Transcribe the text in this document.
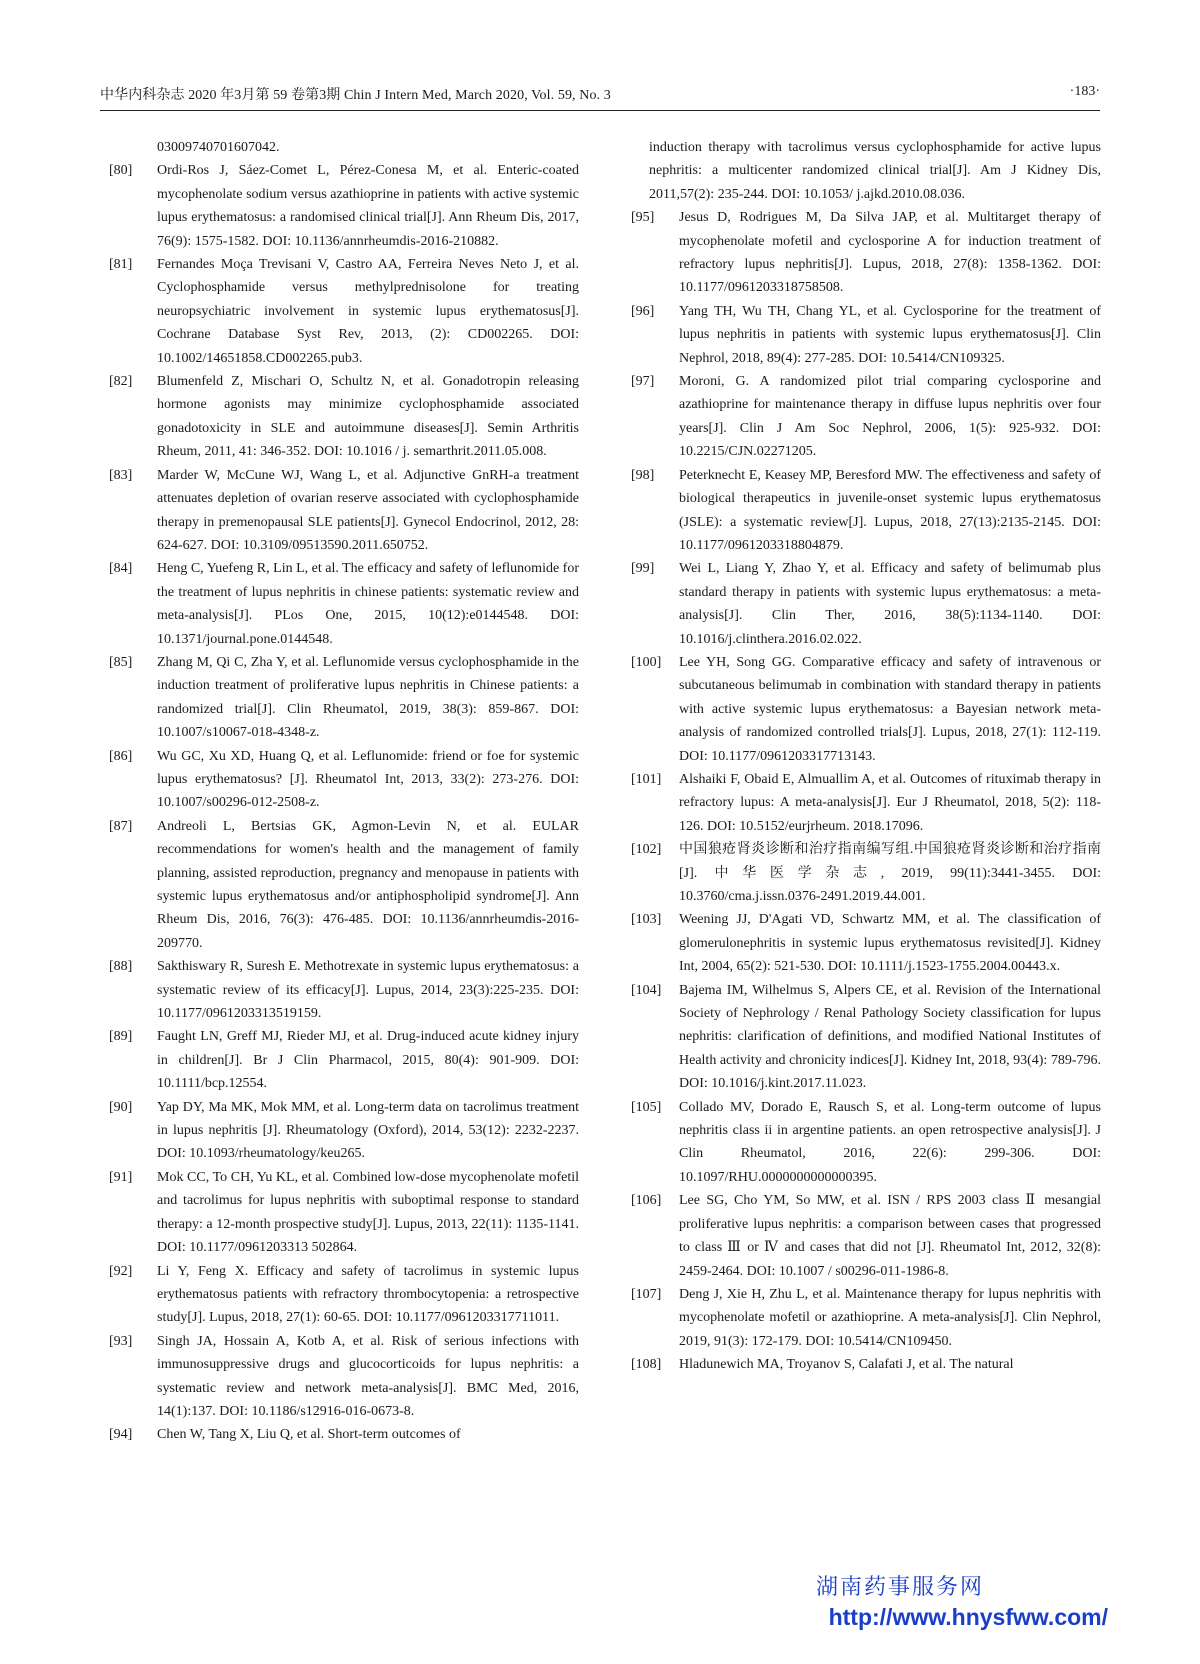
中华内科杂志 2020 年3月第 59 卷第3期 Chin J Intern Med, March 2020, Vol. 59, No. 3	·183·
03009740701607042.
[80]	Ordi-Ros J, Sáez-Comet L, Pérez-Conesa M, et al. Enteric-coated mycophenolate sodium versus azathioprine in patients with active systemic lupus erythematosus: a randomised clinical trial[J]. Ann Rheum Dis, 2017, 76(9): 1575-1582. DOI: 10.1136/annrheumdis-2016-210882.
[81]	Fernandes Moça Trevisani V, Castro AA, Ferreira Neves Neto J, et al. Cyclophosphamide versus methylprednisolone for treating neuropsychiatric involvement in systemic lupus erythematosus[J]. Cochrane Database Syst Rev, 2013, (2): CD002265. DOI: 10.1002/14651858.CD002265.pub3.
[82]	Blumenfeld Z, Mischari O, Schultz N, et al. Gonadotropin releasing hormone agonists may minimize cyclophosphamide associated gonadotoxicity in SLE and autoimmune diseases[J]. Semin Arthritis Rheum, 2011, 41: 346-352. DOI: 10.1016 / j. semarthrit.2011.05.008.
[83]	Marder W, McCune WJ, Wang L, et al. Adjunctive GnRH-a treatment attenuates depletion of ovarian reserve associated with cyclophosphamide therapy in premenopausal SLE patients[J]. Gynecol Endocrinol, 2012, 28: 624-627. DOI: 10.3109/09513590.2011.650752.
[84]	Heng C, Yuefeng R, Lin L, et al. The efficacy and safety of leflunomide for the treatment of lupus nephritis in chinese patients: systematic review and meta-analysis[J]. PLos One, 2015, 10(12):e0144548. DOI: 10.1371/journal.pone.0144548.
[85]	Zhang M, Qi C, Zha Y, et al. Leflunomide versus cyclophosphamide in the induction treatment of proliferative lupus nephritis in Chinese patients: a randomized trial[J]. Clin Rheumatol, 2019, 38(3): 859-867. DOI: 10.1007/s10067-018-4348-z.
[86]	Wu GC, Xu XD, Huang Q, et al. Leflunomide: friend or foe for systemic lupus erythematosus? [J]. Rheumatol Int, 2013, 33(2): 273-276. DOI: 10.1007/s00296-012-2508-z.
[87]	Andreoli L, Bertsias GK, Agmon-Levin N, et al. EULAR recommendations for women's health and the management of family planning, assisted reproduction, pregnancy and menopause in patients with systemic lupus erythematosus and/or antiphospholipid syndrome[J]. Ann Rheum Dis, 2016, 76(3): 476-485. DOI: 10.1136/annrheumdis-2016-209770.
[88]	Sakthiswary R, Suresh E. Methotrexate in systemic lupus erythematosus: a systematic review of its efficacy[J]. Lupus, 2014, 23(3):225-235. DOI: 10.1177/0961203313519159.
[89]	Faught LN, Greff MJ, Rieder MJ, et al. Drug-induced acute kidney injury in children[J]. Br J Clin Pharmacol, 2015, 80(4): 901-909. DOI: 10.1111/bcp.12554.
[90]	Yap DY, Ma MK, Mok MM, et al. Long-term data on tacrolimus treatment in lupus nephritis [J]. Rheumatology (Oxford), 2014, 53(12): 2232-2237. DOI: 10.1093/rheumatology/keu265.
[91]	Mok CC, To CH, Yu KL, et al. Combined low-dose mycophenolate mofetil and tacrolimus for lupus nephritis with suboptimal response to standard therapy: a 12-month prospective study[J]. Lupus, 2013, 22(11): 1135-1141. DOI: 10.1177/0961203313 502864.
[92]	Li Y, Feng X. Efficacy and safety of tacrolimus in systemic lupus erythematosus patients with refractory thrombocytopenia: a retrospective study[J]. Lupus, 2018, 27(1): 60-65. DOI: 10.1177/0961203317711011.
[93]	Singh JA, Hossain A, Kotb A, et al. Risk of serious infections with immunosuppressive drugs and glucocorticoids for lupus nephritis: a systematic review and network meta-analysis[J]. BMC Med, 2016, 14(1):137. DOI: 10.1186/s12916-016-0673-8.
[94]	Chen W, Tang X, Liu Q, et al. Short-term outcomes of
induction therapy with tacrolimus versus cyclophosphamide for active lupus nephritis: a multicenter randomized clinical trial[J]. Am J Kidney Dis, 2011,57(2): 235-244. DOI: 10.1053/ j.ajkd.2010.08.036.
[95]	Jesus D, Rodrigues M, Da Silva JAP, et al. Multitarget therapy of mycophenolate mofetil and cyclosporine A for induction treatment of refractory lupus nephritis[J]. Lupus, 2018, 27(8): 1358-1362. DOI: 10.1177/0961203318758508.
[96]	Yang TH, Wu TH, Chang YL, et al. Cyclosporine for the treatment of lupus nephritis in patients with systemic lupus erythematosus[J]. Clin Nephrol, 2018, 89(4): 277-285. DOI: 10.5414/CN109325.
[97]	Moroni, G. A randomized pilot trial comparing cyclosporine and azathioprine for maintenance therapy in diffuse lupus nephritis over four years[J]. Clin J Am Soc Nephrol, 2006, 1(5): 925-932. DOI: 10.2215/CJN.02271205.
[98]	Peterknecht E, Keasey MP, Beresford MW. The effectiveness and safety of biological therapeutics in juvenile-onset systemic lupus erythematosus (JSLE): a systematic review[J]. Lupus, 2018, 27(13):2135-2145. DOI: 10.1177/0961203318804879.
[99]	Wei L, Liang Y, Zhao Y, et al. Efficacy and safety of belimumab plus standard therapy in patients with systemic lupus erythematosus: a meta-analysis[J]. Clin Ther, 2016, 38(5):1134-1140. DOI: 10.1016/j.clinthera.2016.02.022.
[100]	Lee YH, Song GG. Comparative efficacy and safety of intravenous or subcutaneous belimumab in combination with standard therapy in patients with active systemic lupus erythematosus: a Bayesian network meta-analysis of randomized controlled trials[J]. Lupus, 2018, 27(1): 112-119. DOI: 10.1177/0961203317713143.
[101]	Alshaiki F, Obaid E, Almuallim A, et al. Outcomes of rituximab therapy in refractory lupus: A meta-analysis[J]. Eur J Rheumatol, 2018, 5(2): 118-126. DOI: 10.5152/eurjrheum. 2018.17096.
[102]	中国狼疮肾炎诊断和治疗指南编写组.中国狼疮肾炎诊断和治疗指南[J]. 中华医学杂志, 2019, 99(11):3441-3455. DOI: 10.3760/cma.j.issn.0376-2491.2019.44.001.
[103]	Weening JJ, D'Agati VD, Schwartz MM, et al. The classification of glomerulonephritis in systemic lupus erythematosus revisited[J]. Kidney Int, 2004, 65(2): 521-530. DOI: 10.1111/j.1523-1755.2004.00443.x.
[104]	Bajema IM, Wilhelmus S, Alpers CE, et al. Revision of the International Society of Nephrology / Renal Pathology Society classification for lupus nephritis: clarification of definitions, and modified National Institutes of Health activity and chronicity indices[J]. Kidney Int, 2018, 93(4): 789-796. DOI: 10.1016/j.kint.2017.11.023.
[105]	Collado MV, Dorado E, Rausch S, et al. Long-term outcome of lupus nephritis class ii in argentine patients. an open retrospective analysis[J]. J Clin Rheumatol, 2016, 22(6): 299-306. DOI: 10.1097/RHU.0000000000000395.
[106]	Lee SG, Cho YM, So MW, et al. ISN / RPS 2003 class Ⅱ mesangial proliferative lupus nephritis: a comparison between cases that progressed to class Ⅲ or Ⅳ and cases that did not [J]. Rheumatol Int, 2012, 32(8): 2459-2464. DOI: 10.1007 / s00296-011-1986-8.
[107]	Deng J, Xie H, Zhu L, et al. Maintenance therapy for lupus nephritis with mycophenolate mofetil or azathioprine. A meta-analysis[J]. Clin Nephrol, 2019, 91(3): 172-179. DOI: 10.5414/CN109450.
[108]	Hladunewich MA, Troyanov S, Calafati J, et al. The natural
湖南药事服务网
http://www.hnysfww.com/
